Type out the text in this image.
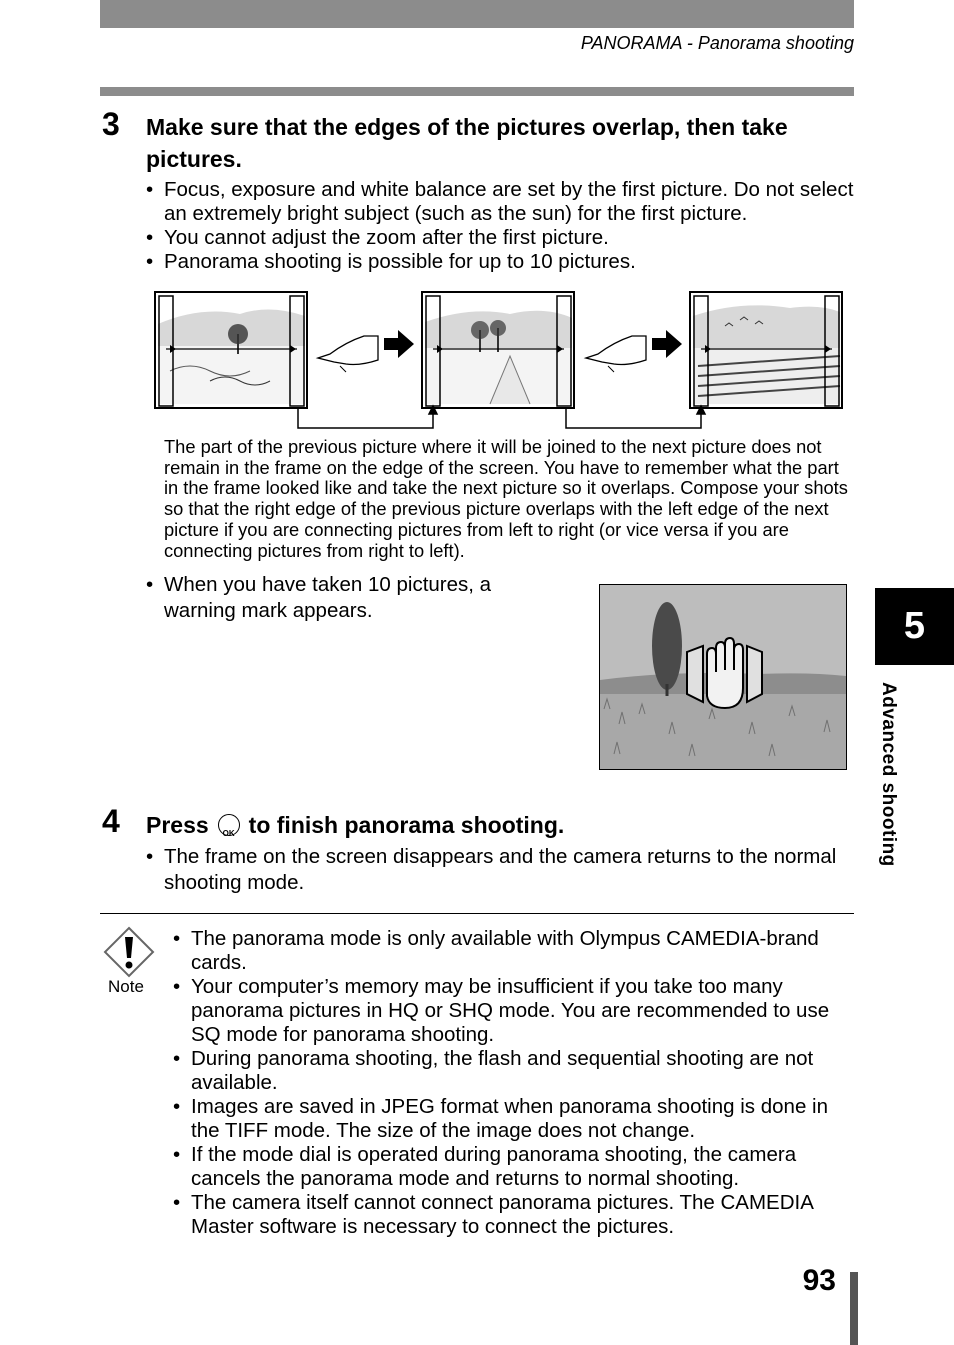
PANORAMA - Panorama shooting
3 Make sure that the edges of the pictures overlap, then take
pictures.
• Focus, exposure and white balance are set by the first picture. Do not select an extremely bright subject (such as the sun) for the first picture.
• You cannot adjust the zoom after the first picture.
• Panorama shooting is possible for up to 10 pictures.
The part of the previous picture where it will be joined to the next picture does not remain in the frame on the edge of the screen. You have to remember what the part in the frame looked like and take the next picture so it overlaps. Compose your shots so that the right edge of the previous picture overlaps with the left edge of the next picture if you are connecting pictures from left to right (or vice versa if you are connecting pictures from right to left).
• When you have taken 10 pictures, a warning mark appears.
4 Press	OK to finish panorama shooting.
• The frame on the screen disappears and the camera returns to the normal shooting mode.
Note
• The panorama mode is only available with Olympus CAMEDIA-brand cards.
• Your computer’s memory may be insufficient if you take too many panorama pictures in HQ or SHQ mode. You are recommended to use SQ mode for panorama shooting.
• During panorama shooting, the flash and sequential shooting are not available.
• Images are saved in JPEG format when panorama shooting is done in the TIFF mode. The size of the image does not change.
• If the mode dial is operated during panorama shooting, the camera cancels the panorama mode and returns to normal shooting.
• The camera itself cannot connect panorama pictures. The CAMEDIA Master software is necessary to connect the pictures.
5
Advanced shooting
93
